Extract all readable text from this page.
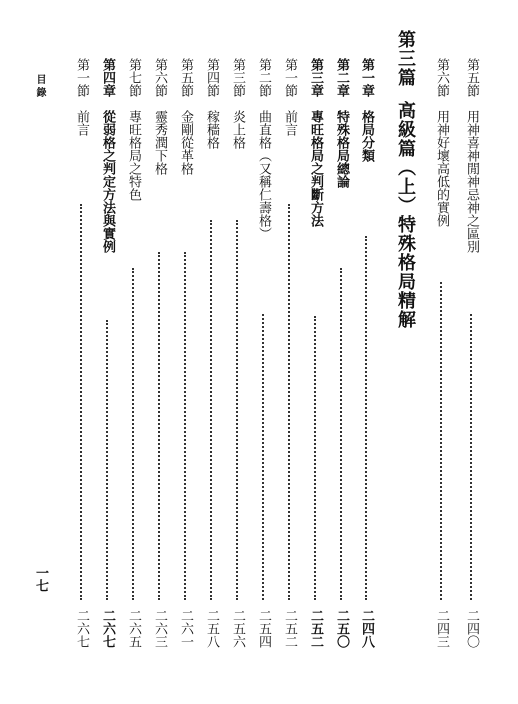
第五節用神喜神閒神忌神之區別
二四〇
第六節用神好壞高低的實例
二四三
第三篇高級篇（上）特殊格局精解
第一章格局分類
二四八
第二章特殊格局總論
二五〇
第三章專旺格局之判斷方法
二五二
第一節前言
二五二
第二節曲直格（又稱仁壽格）
二五四
第三節炎上格
二五六
第四節稼穡格
二五八
第五節金剛從革格
二六一
第六節靈秀潤下格
二六三
第七節專旺格局之特色
二六五
第四章從弱格之判定方法與實例
二六七
第一節前言
二六七
目錄
一七
